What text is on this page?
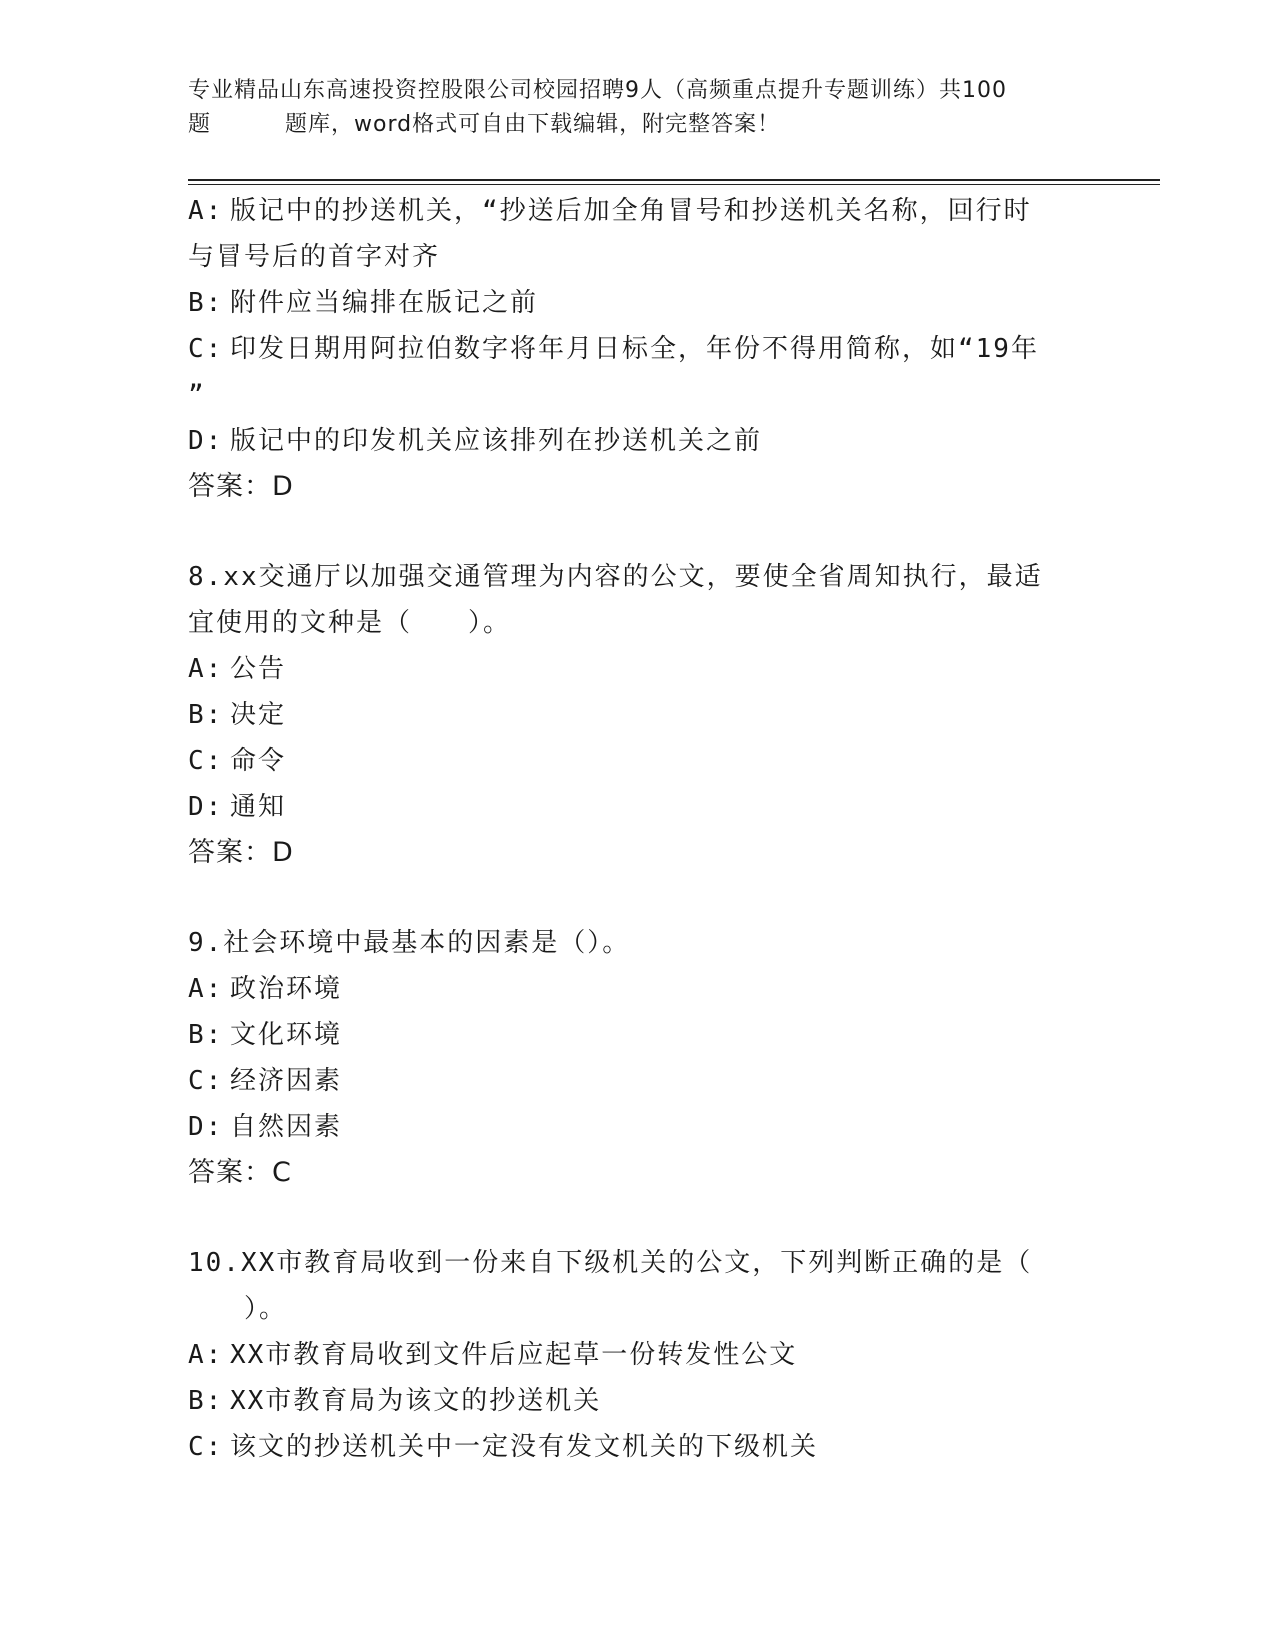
专业精品山东高速投资控股限公司校园招聘9人（高频重点提升专题训练）共100
题	题库，word格式可自由下载编辑，附完整答案！

A: 版记中的抄送机关，“抄送后加全角冒号和抄送机关名称，回行时

与冒号后的首字对齐

B: 附件应当编排在版记之前

C: 印发日期用阿拉伯数字将年月日标全，年份不得用简称，如“19年

”

D: 版记中的印发机关应该排列在抄送机关之前

答案：D

8.xx交通厅以加强交通管理为内容的公文，要使全省周知执行，最适

宜使用的文种是（　　）。

A: 公告

B: 决定

C: 命令

D: 通知

答案：D

9.社会环境中最基本的因素是（）。

A: 政治环境

B: 文化环境

C: 经济因素

D: 自然因素

答案：C

10.XX市教育局收到一份来自下级机关的公文，下列判断正确的是（

）。

A: XX市教育局收到文件后应起草一份转发性公文

B: XX市教育局为该文的抄送机关

C: 该文的抄送机关中一定没有发文机关的下级机关
